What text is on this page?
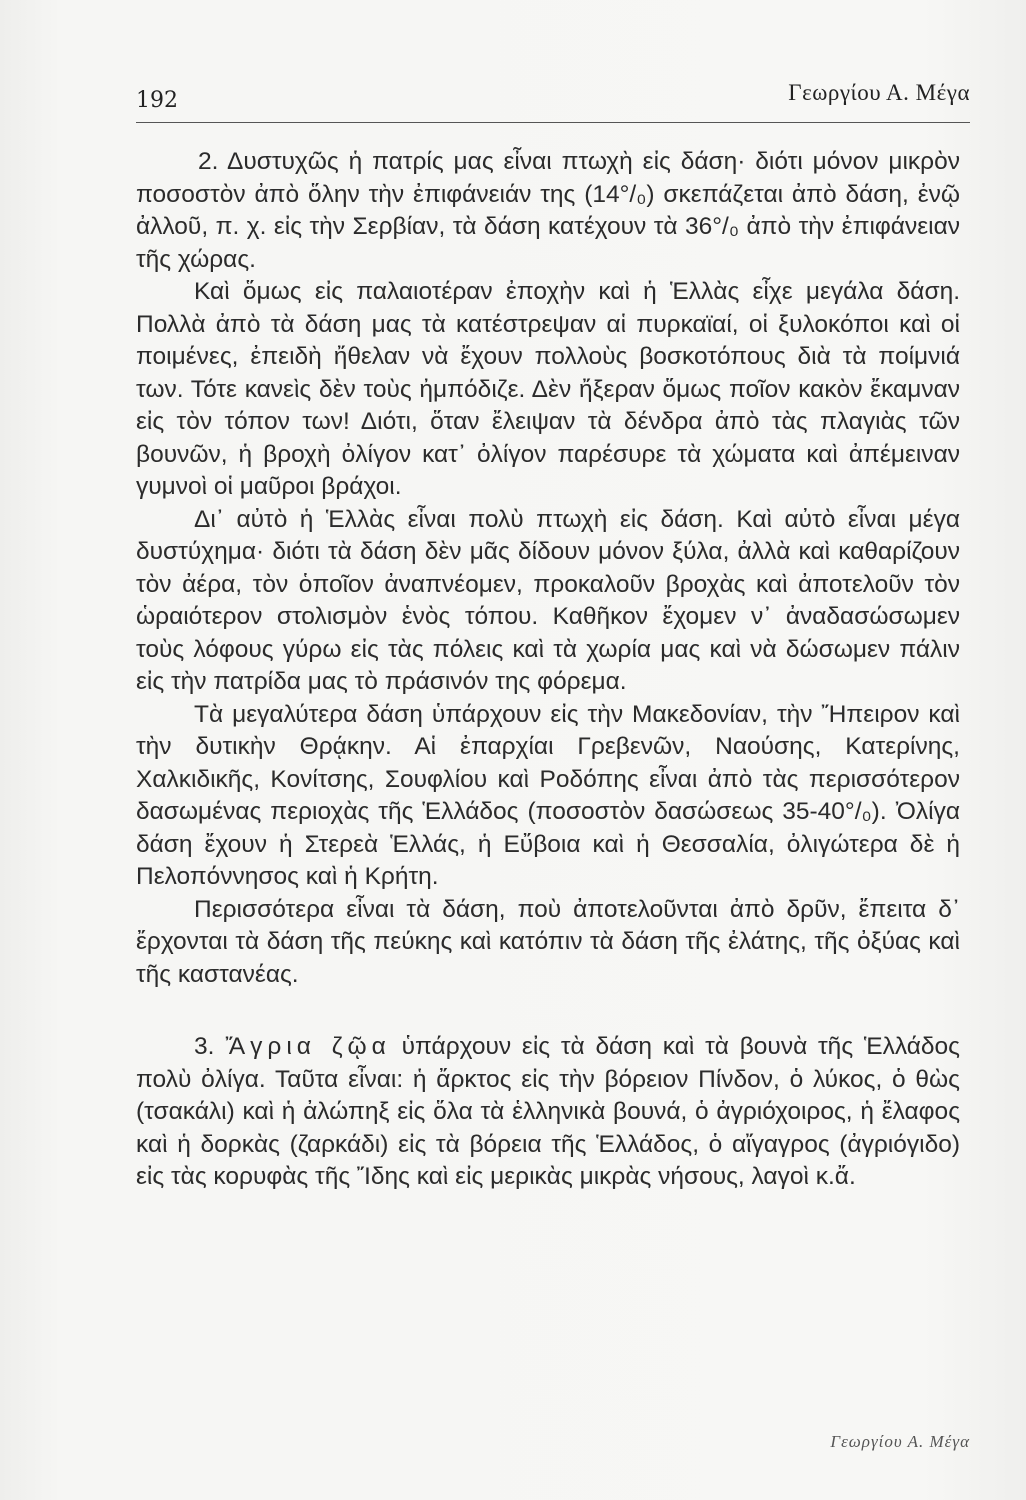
192	Γεωργίου Α. Μέγα

2. Δυστυχῶς ἡ πατρίς μας εἶναι πτωχὴ εἰς δάση· διότι μόνον μικρὸν ποσοστὸν ἀπὸ ὅλην τὴν ἐπιφάνειάν της (14°/₀) σκεπάζεται ἀπὸ δάση, ἐνῷ ἀλλοῦ, π. χ. εἰς τὴν Σερβίαν, τὰ δάση κατέχουν τὰ 36°/₀ ἀπὸ τὴν ἐπιφάνειαν τῆς χώρας.

Καὶ ὅμως εἰς παλαιοτέραν ἐποχὴν καὶ ἡ Ἑλλὰς εἶχε μεγάλα δάση. Πολλὰ ἀπὸ τὰ δάση μας τὰ κατέστρεψαν αἱ πυρκαϊαί, οἱ ξυλοκόποι καὶ οἱ ποιμένες, ἐπειδὴ ἤθελαν νὰ ἔχουν πολλοὺς βοσκοτόπους διὰ τὰ ποίμνιά των. Τότε κανεὶς δὲν τοὺς ἠμπόδιζε. Δὲν ἤξεραν ὅμως ποῖον κακὸν ἔκαμναν εἰς τὸν τόπον των! Διότι, ὅταν ἔλειψαν τὰ δένδρα ἀπὸ τὰς πλαγιὰς τῶν βουνῶν, ἡ βροχὴ ὀλίγον κατ᾿ ὀλίγον παρέσυρε τὰ χώματα καὶ ἀπέμειναν γυμνοὶ οἱ μαῦροι βράχοι.

Δι᾿ αὐτὸ ἡ Ἑλλὰς εἶναι πολὺ πτωχὴ εἰς δάση. Καὶ αὐτὸ εἶναι μέγα δυστύχημα· διότι τὰ δάση δὲν μᾶς δίδουν μόνον ξύλα, ἀλλὰ καὶ καθαρίζουν τὸν ἀέρα, τὸν ὁποῖον ἀναπνέομεν, προκαλοῦν βροχὰς καὶ ἀποτελοῦν τὸν ὡραιότερον στολισμὸν ἑνὸς τόπου. Καθῆκον ἔχομεν ν᾿ ἀναδασώσωμεν τοὺς λόφους γύρω εἰς τὰς πόλεις καὶ τὰ χωρία μας καὶ νὰ δώσωμεν πάλιν εἰς τὴν πατρίδα μας τὸ πράσινόν της φόρεμα.

Τὰ μεγαλύτερα δάση ὑπάρχουν εἰς τὴν Μακεδονίαν, τὴν Ἤπειρον καὶ τὴν δυτικὴν Θρᾴκην. Αἱ ἐπαρχίαι Γρεβενῶν, Ναούσης, Κατερίνης, Χαλκιδικῆς, Κονίτσης, Σουφλίου καὶ Ροδόπης εἶναι ἀπὸ τὰς περισσότερον δασωμένας περιοχὰς τῆς Ἑλλάδος (ποσοστὸν δασώσεως 35-40°/₀). Ὀλίγα δάση ἔχουν ἡ Στερεὰ Ἑλλάς, ἡ Εὔβοια καὶ ἡ Θεσσαλία, ὀλιγώτερα δὲ ἡ Πελοπόννησος καὶ ἡ Κρήτη.

Περισσότερα εἶναι τὰ δάση, ποὺ ἀποτελοῦνται ἀπὸ δρῦν, ἔπειτα δ᾿ ἔρχονται τὰ δάση τῆς πεύκης καὶ κατόπιν τὰ δάση τῆς ἐλάτης, τῆς ὀξύας καὶ τῆς καστανέας.

3. Ἄγρια ζῷα ὑπάρχουν εἰς τὰ δάση καὶ τὰ βουνὰ τῆς Ἑλλάδος πολὺ ὀλίγα. Ταῦτα εἶναι: ἡ ἄρκτος εἰς τὴν βόρειον Πίνδον, ὁ λύκος, ὁ θὼς (τσακάλι) καὶ ἡ ἀλώπηξ εἰς ὅλα τὰ ἑλληνικὰ βουνά, ὁ ἀγριόχοιρος, ἡ ἔλαφος καὶ ἡ δορκὰς (ζαρκάδι) εἰς τὰ βόρεια τῆς Ἑλλάδος, ὁ αἴγαγρος (ἀγριόγιδο) εἰς τὰς κορυφὰς τῆς Ἴδης καὶ εἰς μερικὰς μικρὰς νήσους, λαγοὶ κ.ἄ.

Γεωργίου Α. Μέγα
